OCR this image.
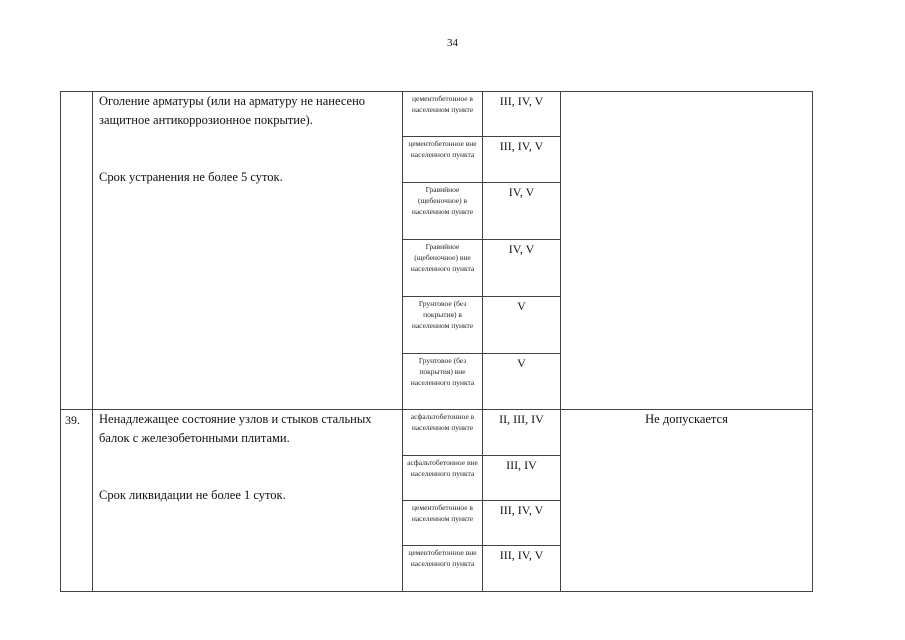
34
	Оголение арматуры (или на арматуру не нанесено защитное антикоррозионное покрытие).
Срок устранения не более 5 суток.	цементобетонное в населенном пункте	III, IV, V	
		цементобетонное вне населенного пункта	III, IV, V	
		Гравийное (щебеночное) в населенном пункте	IV, V	
		Гравийное (щебеночное) вне населенного пункта	IV, V	
		Грунтовое (без покрытия) в населенном пункте	V	
		Грунтовое (без покрытия) вне населенного пункта	V	
39.	Ненадлежащее состояние узлов и стыков стальных балок с железобетонными плитами.
Срок ликвидации не более 1 суток.	асфальтобетонное в населенном пункте	II, III, IV	Не допускается
		асфальтобетонное вне населенного пункта	III, IV	
		цементобетонное в населенном пункте	III, IV, V	
		цементобетонное вне населенного пункта	III, IV, V	
